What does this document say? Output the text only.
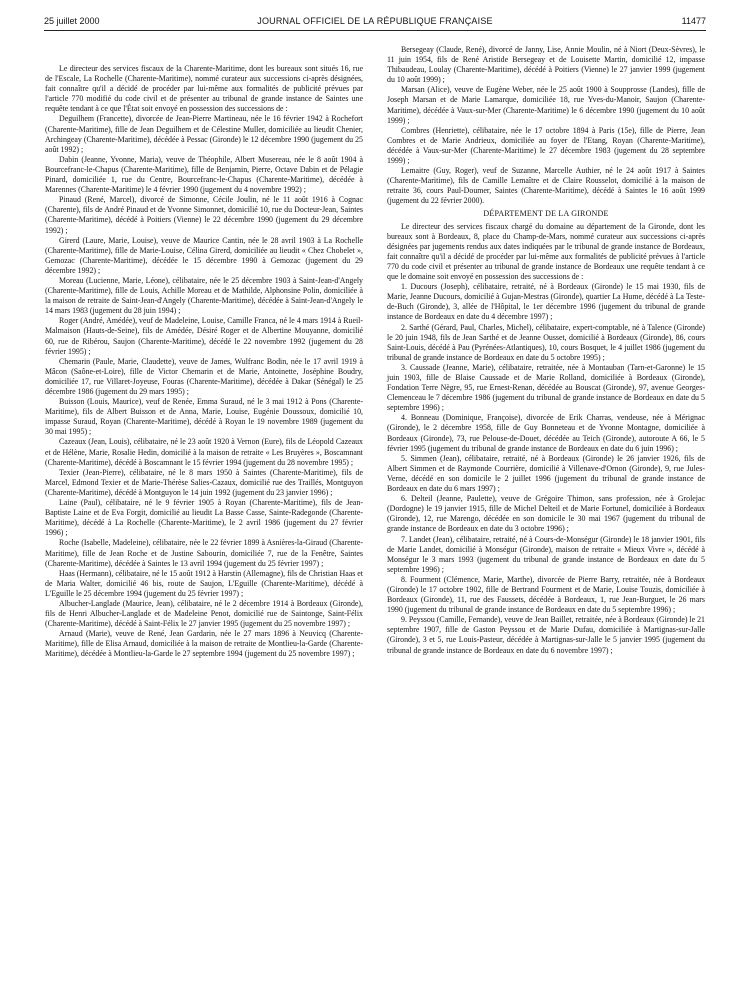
25 juillet 2000	JOURNAL OFFICIEL DE LA RÉPUBLIQUE FRANÇAISE	11477

Le directeur des services fiscaux de la Charente-Maritime, dont les bureaux sont situés 16, rue de l'Escale, La Rochelle (Charente-Maritime), nommé curateur aux successions ci-après désignées, fait connaître qu'il a décidé de procéder par lui-même aux formalités de publicité prévues par l'article 770 modifié du code civil et de présenter au tribunal de grande instance de Saintes une requête tendant à ce que l'État soit envoyé en possession des successions de :

Deguilhem (Francette), divorcée de Jean-Pierre Martineau, née le 16 février 1942 à Rochefort (Charente-Maritime), fille de Jean Deguilhem et de Célestine Muller, domiciliée au lieudit Chenier, Archingeay (Charente-Maritime), décédée à Pessac (Gironde) le 12 décembre 1990 (jugement du 25 août 1992) ;

Dabin (Jeanne, Yvonne, Maria), veuve de Théophile, Albert Musereau, née le 8 août 1904 à Bourcefranc-le-Chapus (Charente-Maritime), fille de Benjamin, Pierre, Octave Dabin et de Pélagie Pinard, domiciliée 1, rue du Centre, Bourcefranc-le-Chapus (Charente-Maritime), décédée à Marennes (Charente-Maritime) le 4 février 1990 (jugement du 4 novembre 1992) ;

Pinaud (René, Marcel), divorcé de Simonne, Cécile Joulin, né le 11 août 1916 à Cognac (Charente), fils de André Pinaud et de Yvonne Simonnet, domicilié 10, rue du Docteur-Jean, Saintes (Charente-Maritime), décédé à Poitiers (Vienne) le 22 décembre 1990 (jugement du 29 décembre 1992) ;

Girerd (Laure, Marie, Louise), veuve de Maurice Cantin, née le 28 avril 1903 à La Rochelle (Charente-Maritime), fille de Marie-Louise, Célina Girerd, domiciliée au lieudit « Chez Chobelet », Gemozac (Charente-Maritime), décédée le 15 décembre 1990 à Gemozac (jugement du 29 décembre 1992) ;

Moreau (Lucienne, Marie, Léone), célibataire, née le 25 décembre 1903 à Saint-Jean-d'Angely (Charente-Maritime), fille de Louis, Achille Moreau et de Mathilde, Alphonsine Polin, domiciliée à la maison de retraite de Saint-Jean-d'Angely (Charente-Maritime), décédée à Saint-Jean-d'Angely le 14 mars 1983 (jugement du 28 juin 1994) ;

Roger (André, Amédée), veuf de Madeleine, Louise, Camille Franca, né le 4 mars 1914 à Rueil-Malmaison (Hauts-de-Seine), fils de Amédée, Désiré Roger et de Albertine Mouyanne, domicilié 60, rue de Ribérou, Saujon (Charente-Maritime), décédé le 22 novembre 1992 (jugement du 28 février 1995) ;

Chemarin (Paule, Marie, Claudette), veuve de James, Wulfranc Bodin, née le 17 avril 1919 à Mâcon (Saône-et-Loire), fille de Victor Chemarin et de Marie, Antoinette, Joséphine Boudry, domiciliée 17, rue Villaret-Joyeuse, Fouras (Charente-Maritime), décédée à Dakar (Sénégal) le 25 décembre 1986 (jugement du 29 mars 1995) ;

Buisson (Louis, Maurice), veuf de Renée, Emma Suraud, né le 3 mai 1912 à Pons (Charente-Maritime), fils de Albert Buisson et de Anna, Marie, Louise, Eugénie Doussoux, domicilié 10, impasse Suraud, Royan (Charente-Maritime), décédé à Royan le 19 novembre 1989 (jugement du 30 mai 1995) ;

Cazeaux (Jean, Louis), célibataire, né le 23 août 1920 à Vernon (Eure), fils de Léopold Cazeaux et de Hélène, Marie, Rosalie Hedin, domicilié à la maison de retraite « Les Bruyères », Boscamnant (Charente-Maritime), décédé à Boscamnant le 15 février 1994 (jugement du 28 novembre 1995) ;

Texier (Jean-Pierre), célibataire, né le 8 mars 1950 à Saintes (Charente-Maritime), fils de Marcel, Edmond Texier et de Marie-Thérèse Salies-Cazaux, domicilié rue des Traillés, Montguyon (Charente-Maritime), décédé à Montguyon le 14 juin 1992 (jugement du 23 janvier 1996) ;

Laine (Paul), célibataire, né le 9 février 1905 à Royan (Charente-Maritime), fils de Jean-Baptiste Laine et de Eva Forgit, domicilié au lieudit La Basse Casse, Sainte-Radegonde (Charente-Maritime), décédé à La Rochelle (Charente-Maritime), le 2 avril 1986 (jugement du 27 février 1996) ;

Roche (Isabelle, Madeleine), célibataire, née le 22 février 1899 à Asnières-la-Giraud (Charente-Maritime), fille de Jean Roche et de Justine Sabourin, domiciliée 7, rue de la Fenêtre, Saintes (Charente-Maritime), décédée à Saintes le 13 avril 1994 (jugement du 25 février 1997) ;

Haas (Hermann), célibataire, né le 15 août 1912 à Harstin (Allemagne), fils de Christian Haas et de Maria Walter, domicilié 46 bis, route de Saujon, L'Eguille (Charente-Maritime), décédé à L'Eguille le 25 décembre 1994 (jugement du 25 février 1997) ;

Albucher-Langlade (Maurice, Jean), célibataire, né le 2 décembre 1914 à Bordeaux (Gironde), fils de Henri Albucher-Langlade et de Madeleine Penot, domicilié rue de Saintonge, Saint-Félix (Charente-Maritime), décédé à Saint-Félix le 27 janvier 1995 (jugement du 25 novembre 1997) ;

Arnaud (Marie), veuve de René, Jean Gardarin, née le 27 mars 1896 à Neuvicq (Charente-Maritime), fille de Elisa Arnaud, domiciliée à la maison de retraite de Montlieu-la-Garde (Charente-Maritime), décédée à Montlieu-la-Garde le 27 septembre 1994 (jugement du 25 novembre 1997) ;

Bersegeay (Claude, René), divorcé de Janny, Lise, Annie Moulin, né à Niort (Deux-Sèvres), le 11 juin 1954, fils de René Aristide Bersegeay et de Louisette Martin, domicilié 12, impasse Thibaudeau, Loulay (Charente-Maritime), décédé à Poitiers (Vienne) le 27 janvier 1999 (jugement du 10 août 1999) ;

Marsan (Alice), veuve de Eugène Weber, née le 25 août 1900 à Soupprosse (Landes), fille de Joseph Marsan et de Marie Lamarque, domiciliée 18, rue Yves-du-Manoir, Saujon (Charente-Maritime), décédée à Vaux-sur-Mer (Charente-Maritime) le 6 décembre 1990 (jugement du 10 août 1999) ;

Combres (Henriette), célibataire, née le 17 octobre 1894 à Paris (15e), fille de Pierre, Jean Combres et de Marie Andrieux, domiciliée au foyer de l'Etang, Royan (Charente-Maritime), décédée à Vaux-sur-Mer (Charente-Maritime) le 27 décembre 1983 (jugement du 28 septembre 1999) ;

Lemaitre (Guy, Roger), veuf de Suzanne, Marcelle Authier, né le 24 août 1917 à Saintes (Charente-Maritime), fils de Camille Lemaître et de Claire Rousselot, domicilié à la maison de retraite 36, cours Paul-Doumer, Saintes (Charente-Maritime), décédé à Saintes le 16 août 1999 (jugement du 22 février 2000).

DÉPARTEMENT DE LA GIRONDE

Le directeur des services fiscaux chargé du domaine au département de la Gironde, dont les bureaux sont à Bordeaux, 8, place du Champ-de-Mars, nommé curateur aux successions ci-après désignées par jugements rendus aux dates indiquées par le tribunal de grande instance de Bordeaux, fait connaître qu'il a décidé de procéder par lui-même aux formalités de publicité prévues à l'article 770 du code civil et présenter au tribunal de grande instance de Bordeaux une requête tendant à ce que le domaine soit envoyé en possession des successions de :

1. Ducours (Joseph), célibataire, retraité, né à Bordeaux (Gironde) le 15 mai 1930, fils de Marie, Jeanne Ducours, domicilié à Gujan-Mestras (Gironde), quartier La Hume, décédé à La Teste-de-Buch (Gironde), 3, allée de l'Hôpital, le 1er décembre 1996 (jugement du tribunal de grande instance de Bordeaux en date du 4 décembre 1997) ;

2. Sarthé (Gérard, Paul, Charles, Michel), célibataire, expert-comptable, né à Talence (Gironde) le 20 juin 1948, fils de Jean Sarthé et de Jeanne Ousset, domicilié à Bordeaux (Gironde), 86, cours Saint-Louis, décédé à Pau (Pyrénées-Atlantiques), 10, cours Bosquet, le 4 juillet 1986 (jugement du tribunal de grande instance de Bordeaux en date du 5 octobre 1995) ;

3. Caussade (Jeanne, Marie), célibataire, retraitée, née à Montauban (Tarn-et-Garonne) le 15 juin 1903, fille de Blaise Caussade et de Marie Rolland, domiciliée à Bordeaux (Gironde), Fondation Terre Nègre, 95, rue Ernest-Renan, décédée au Bouscat (Gironde), 97, avenue Georges-Clemenceau le 7 décembre 1986 (jugement du tribunal de grande instance de Bordeaux en date du 5 septembre 1996) ;

4. Bonneau (Dominique, Françoise), divorcée de Erik Charras, vendeuse, née à Mérignac (Gironde), le 2 décembre 1958, fille de Guy Bonneteau et de Yvonne Montagne, domiciliée à Bordeaux (Gironde), 73, rue Pelouse-de-Douet, décédée au Teich (Gironde), autoroute A 66, le 5 février 1995 (jugement du tribunal de grande instance de Bordeaux en date du 6 juin 1996) ;

5. Simmen (Jean), célibataire, retraité, né à Bordeaux (Gironde) le 26 janvier 1926, fils de Albert Simmen et de Raymonde Courrière, domicilié à Villenave-d'Ornon (Gironde), 9, rue Jules-Verne, décédé en son domicile le 2 juillet 1996 (jugement du tribunal de grande instance de Bordeaux en date du 6 mars 1997) ;

6. Delteil (Jeanne, Paulette), veuve de Grégoire Thimon, sans profession, née à Grolejac (Dordogne) le 19 janvier 1915, fille de Michel Delteil et de Marie Fortunel, domiciliée à Bordeaux (Gironde), 12, rue Marengo, décédée en son domicile le 30 mai 1967 (jugement du tribunal de grande instance de Bordeaux en date du 3 octobre 1996) ;

7. Landet (Jean), célibataire, retraité, né à Cours-de-Monségur (Gironde) le 18 janvier 1901, fils de Marie Landet, domicilié à Monségur (Gironde), maison de retraite « Mieux Vivre », décédé à Monségur le 3 mars 1993 (jugement du tribunal de grande instance de Bordeaux en date du 5 septembre 1996) ;

8. Fourment (Clémence, Marie, Marthe), divorcée de Pierre Barry, retraitée, née à Bordeaux (Gironde) le 17 octobre 1902, fille de Bertrand Fourment et de Marie, Louise Touzis, domiciliée à Bordeaux (Gironde), 11, rue des Faussets, décédée à Bordeaux, 1, rue Jean-Burguet, le 26 mars 1990 (jugement du tribunal de grande instance de Bordeaux en date du 5 septembre 1996) ;

9. Peyssou (Camille, Fernande), veuve de Jean Baillet, retraitée, née à Bordeaux (Gironde) le 21 septembre 1907, fille de Gaston Peyssou et de Marie Dufau, domiciliée à Martignas-sur-Jalle (Gironde), 3 et 5, rue Louis-Pasteur, décédée à Martignas-sur-Jalle le 5 janvier 1995 (jugement du tribunal de grande instance de Bordeaux en date du 6 novembre 1997) ;
